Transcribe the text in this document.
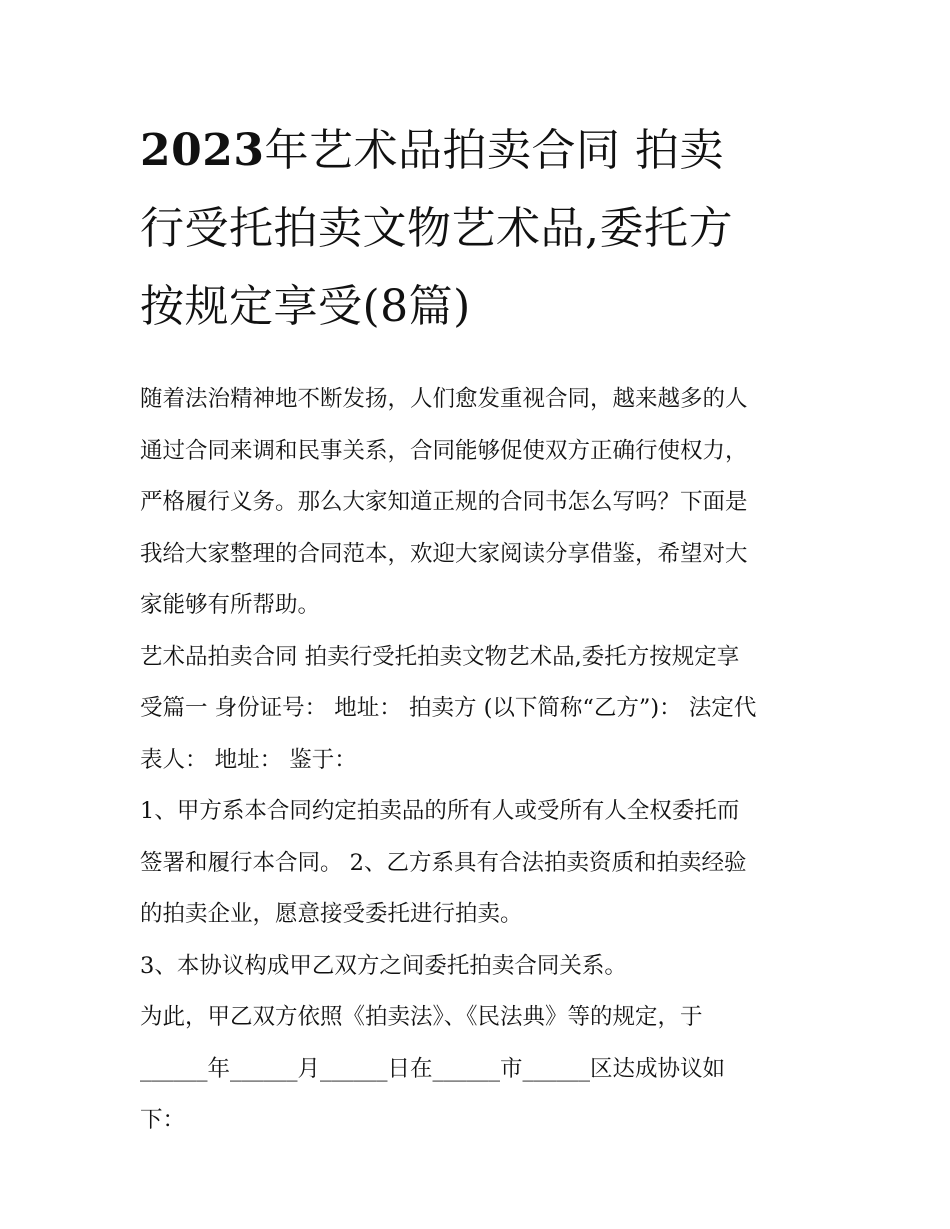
2023年艺术品拍卖合同 拍卖
行受托拍卖文物艺术品,委托方
按规定享受(8篇)
随着法治精神地不断发扬，人们愈发重视合同，越来越多的人
通过合同来调和民事关系，合同能够促使双方正确行使权力，
严格履行义务。那么大家知道正规的合同书怎么写吗？下面是
我给大家整理的合同范本，欢迎大家阅读分享借鉴，希望对大
家能够有所帮助。
艺术品拍卖合同 拍卖行受托拍卖文物艺术品,委托方按规定享
受篇一 身份证号： 地址： 拍卖方 (以下简称“乙方”)： 法定代
表人： 地址： 鉴于：
1、甲方系本合同约定拍卖品的所有人或受所有人全权委托而
签署和履行本合同。 2、乙方系具有合法拍卖资质和拍卖经验
的拍卖企业，愿意接受委托进行拍卖。
3、本协议构成甲乙双方之间委托拍卖合同关系。
为此，甲乙双方依照《拍卖法》、《民法典》等的规定，于
______年______月______日在______市______区达成协议如
下：
